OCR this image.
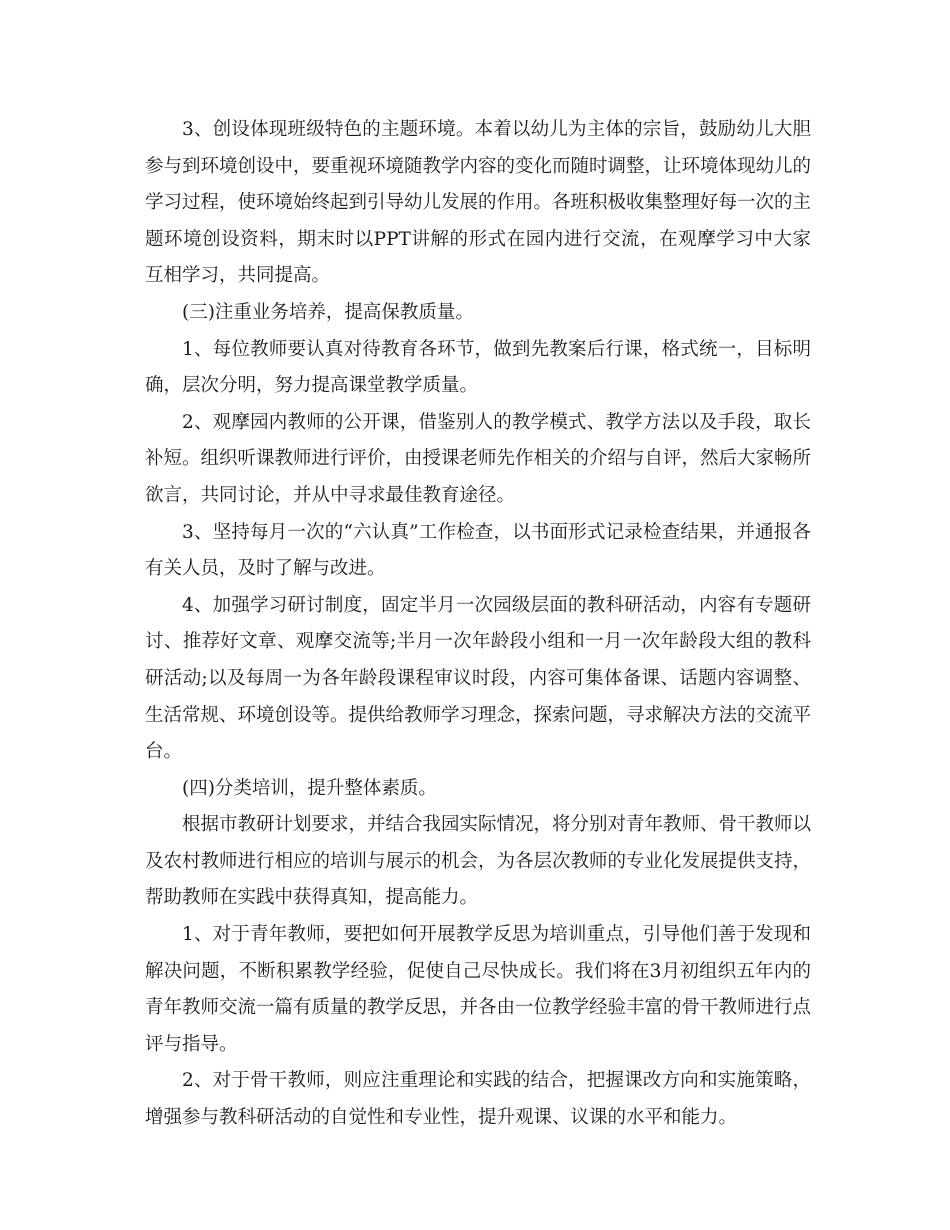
3、创设体现班级特色的主题环境。本着以幼儿为主体的宗旨，鼓励幼儿大胆参与到环境创设中，要重视环境随教学内容的变化而随时调整，让环境体现幼儿的学习过程，使环境始终起到引导幼儿发展的作用。各班积极收集整理好每一次的主题环境创设资料，期末时以PPT讲解的形式在园内进行交流，在观摩学习中大家互相学习，共同提高。

(三)注重业务培养，提高保教质量。

1、每位教师要认真对待教育各环节，做到先教案后行课，格式统一，目标明确，层次分明，努力提高课堂教学质量。

2、观摩园内教师的公开课，借鉴别人的教学模式、教学方法以及手段，取长补短。组织听课教师进行评价，由授课老师先作相关的介绍与自评，然后大家畅所欲言，共同讨论，并从中寻求最佳教育途径。

3、坚持每月一次的“六认真”工作检查，以书面形式记录检查结果，并通报各有关人员，及时了解与改进。

4、加强学习研讨制度，固定半月一次园级层面的教科研活动，内容有专题研讨、推荐好文章、观摩交流等;半月一次年龄段小组和一月一次年龄段大组的教科研活动;以及每周一为各年龄段课程审议时段，内容可集体备课、话题内容调整、生活常规、环境创设等。提供给教师学习理念，探索问题，寻求解决方法的交流平台。

(四)分类培训，提升整体素质。

根据市教研计划要求，并结合我园实际情况，将分别对青年教师、骨干教师以及农村教师进行相应的培训与展示的机会，为各层次教师的专业化发展提供支持，帮助教师在实践中获得真知，提高能力。

1、对于青年教师，要把如何开展教学反思为培训重点，引导他们善于发现和解决问题，不断积累教学经验，促使自己尽快成长。我们将在3月初组织五年内的青年教师交流一篇有质量的教学反思，并各由一位教学经验丰富的骨干教师进行点评与指导。

2、对于骨干教师，则应注重理论和实践的结合，把握课改方向和实施策略，增强参与教科研活动的自觉性和专业性，提升观课、议课的水平和能力。
